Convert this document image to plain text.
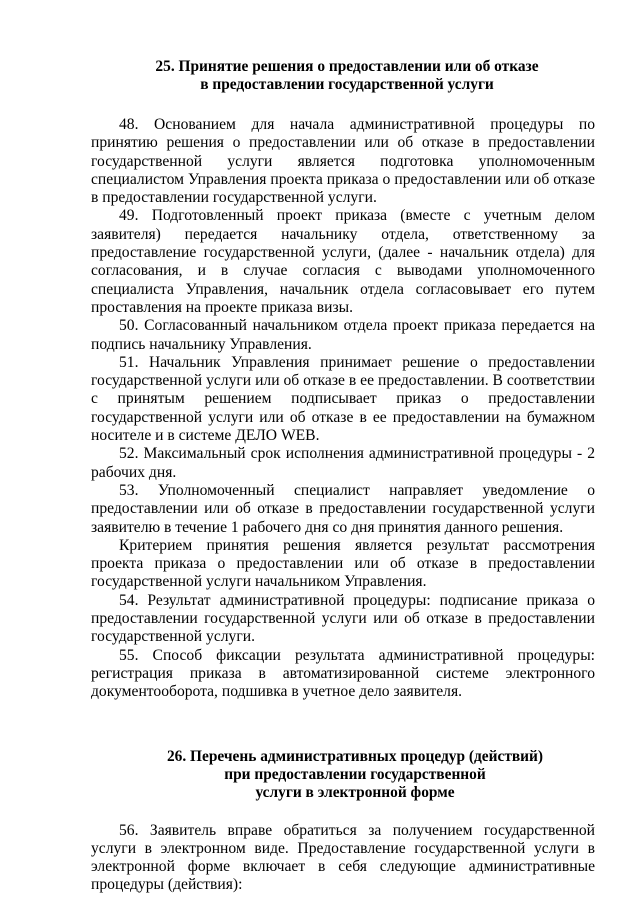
25. Принятие решения о предоставлении или об отказе
в предоставлении государственной услуги

48. Основанием для начала административной процедуры по принятию решения о предоставлении или об отказе в предоставлении государственной услуги является подготовка уполномоченным специалистом Управления проекта приказа о предоставлении или об отказе в предоставлении государственной услуги.

49. Подготовленный проект приказа (вместе с учетным делом заявителя) передается начальнику отдела, ответственному за предоставление государственной услуги, (далее - начальник отдела) для согласования, и в случае согласия с выводами уполномоченного специалиста Управления, начальник отдела согласовывает его путем проставления на проекте приказа визы.

50. Согласованный начальником отдела проект приказа передается на подпись начальнику Управления.

51. Начальник Управления принимает решение о предоставлении государственной услуги или об отказе в ее предоставлении. В соответствии с принятым решением подписывает приказ о предоставлении государственной услуги или об отказе в ее предоставлении на бумажном носителе и в системе ДЕЛО WEB.

52. Максимальный срок исполнения административной процедуры - 2 рабочих дня.

53. Уполномоченный специалист направляет уведомление о предоставлении или об отказе в предоставлении государственной услуги заявителю в течение 1 рабочего дня со дня принятия данного решения.

Критерием принятия решения является результат рассмотрения проекта приказа о предоставлении или об отказе в предоставлении государственной услуги начальником Управления.

54. Результат административной процедуры: подписание приказа о предоставлении государственной услуги или об отказе в предоставлении государственной услуги.

55. Способ фиксации результата административной процедуры: регистрация приказа в автоматизированной системе электронного документооборота, подшивка в учетное дело заявителя.

26. Перечень административных процедур (действий)
при предоставлении государственной
услуги в электронной форме

56. Заявитель вправе обратиться за получением государственной услуги в электронном виде. Предоставление государственной услуги в электронной форме включает в себя следующие административные процедуры (действия):
